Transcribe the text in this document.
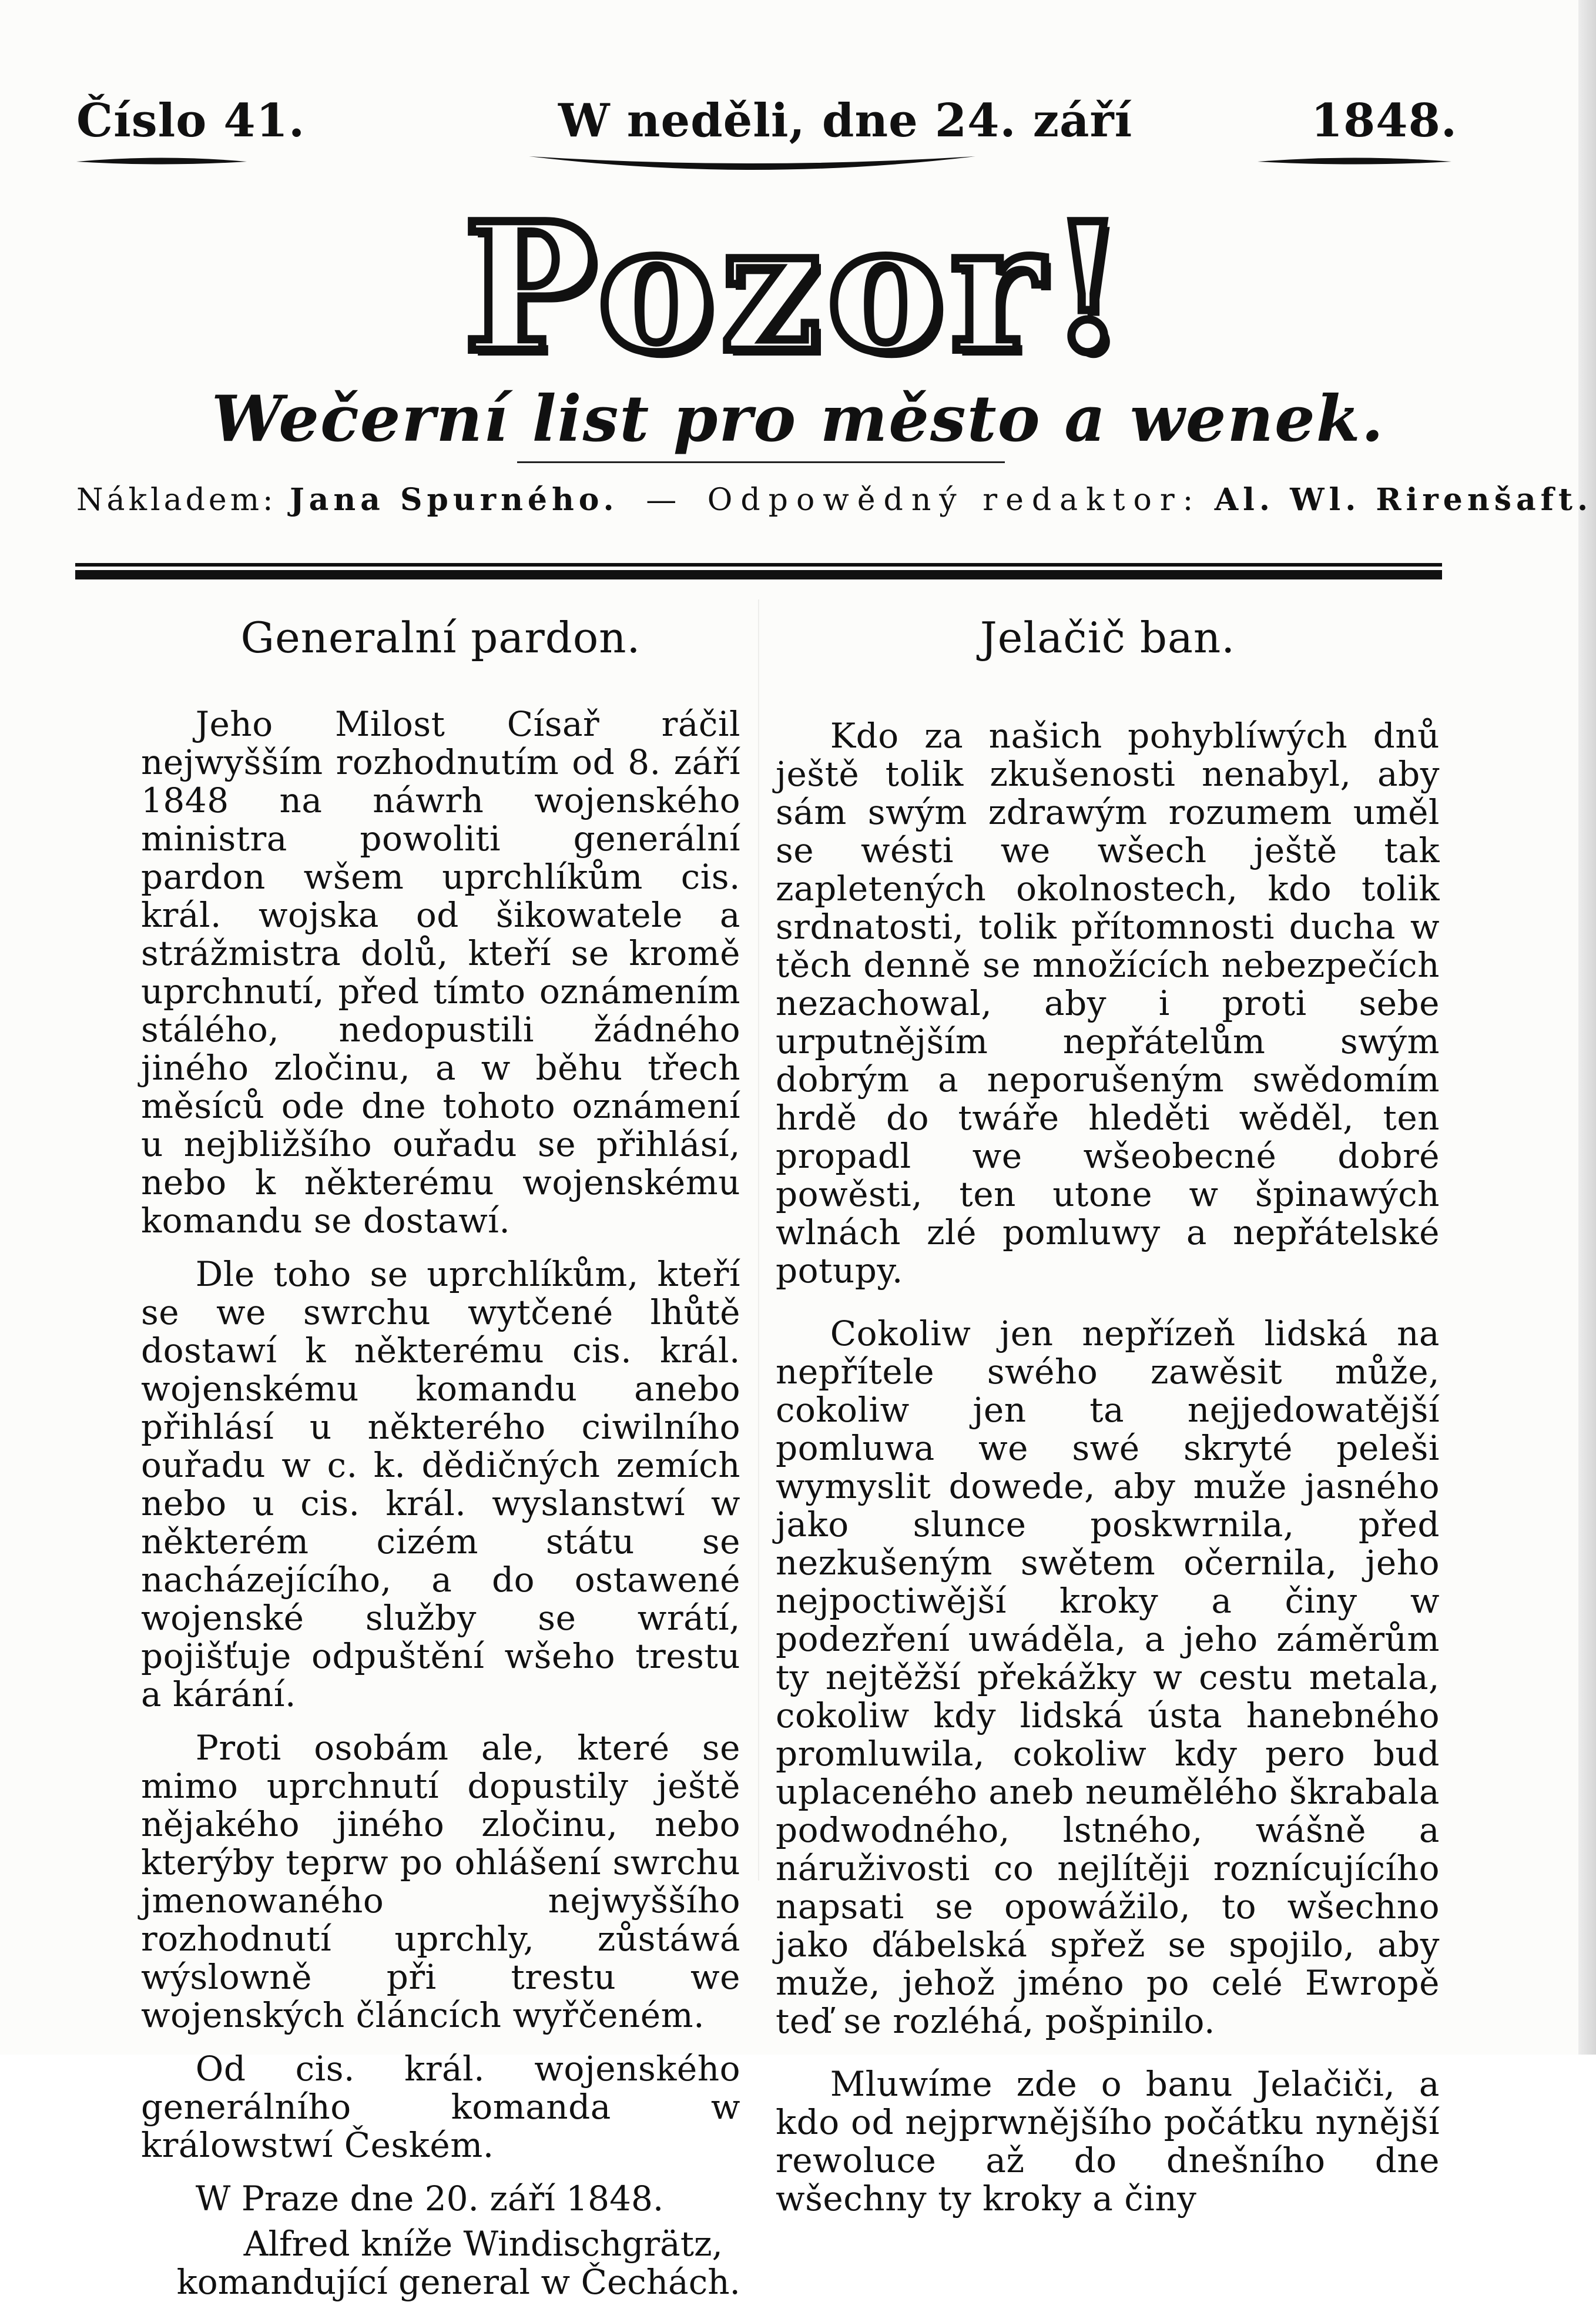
Číslo 41.	W neděli, dne 24. září	1848.
Pozor!
Wečerní list pro město a wenek.
Nákladem: Jana Spurného. — Odpowědný redaktor: Al. Wl. Rirenšaft.
Generalní pardon.

Jeho Milost Císař ráčil nejwyšším rozhodnutím od 8. září 1848 na náwrh wojenského ministra powoliti generální pardon wšem uprchlíkům cis. král. wojska od šikowatele a strážmistra dolů, kteří se kromě uprchnutí, před tímto oznámením stálého, nedopustili žádného jiného zločinu, a w běhu třech měsíců ode dne tohoto oznámení u nejbližšího ouřadu se přihlásí, nebo k některému wojenskému komandu se dostawí.

Dle toho se uprchlíkům, kteří se we swrchu wytčené lhůtě dostawí k některému cis. král. wojenskému komandu anebo přihlásí u některého ciwilního ouřadu w c. k. dědičných zemích nebo u cis. král. wyslanstwí w některém cizém státu se nacházejícího, a do ostawené wojenské služby se wrátí, pojišťuje odpuštění wšeho trestu a kárání.

Proti osobám ale, které se mimo uprchnutí dopustily ještě nějakého jiného zločinu, nebo kterýby teprw po ohlášení swrchu jmenowaného nejwyššího rozhodnutí uprchly, zůstáwá wýslowně při trestu we wojenských článcích wyřčeném.

Od cis. král. wojenského generálního komanda w králowstwí Českém.

W Praze dne 20. září 1848.

Alfred kníže Windischgrätz,

komandující general w Čechách.

Jelačič ban.

Kdo za našich pohyblíwých dnů ještě tolik zkušenosti nenabyl, aby sám swým zdrawým rozumem uměl se wésti we wšech ještě tak zapletených okolnostech, kdo tolik srdnatosti, tolik přítomnosti ducha w těch denně se množících nebezpečích nezachowal, aby i proti sebe urputnějším nepřátelům swým dobrým a neporušeným swědomím hrdě do twáře hleděti wěděl, ten propadl we wšeobecné dobré powěsti, ten utone w špinawých wlnách zlé pomluwy a nepřátelské potupy.

Cokoliw jen nepřízeň lidská na nepřítele swého zawěsit může, cokoliw jen ta nejjedowatější pomluwa we swé skryté peleši wymyslit dowede, aby muže jasného jako slunce poskwrnila, před nezkušeným swětem očernila, jeho nejpoctiwější kroky a činy w podezření uwáděla, a jeho záměrům ty nejtěžší překážky w cestu metala, cokoliw kdy lidská ústa hanebného promluwila, cokoliw kdy pero bud uplaceného aneb neumělého škrabala podwodného, lstného, wášně a náruživosti co nejlítěji roznícujícího napsati se opowážilo, to wšechno jako ďábelská spřež se spojilo, aby muže, jehož jméno po celé Ewropě teď se rozléhá, pošpinilo.

Mluwíme zde o banu Jelačiči, a kdo od nejprwnějšího počátku nynější rewoluce až do dnešního dne wšechny ty kroky a činy
